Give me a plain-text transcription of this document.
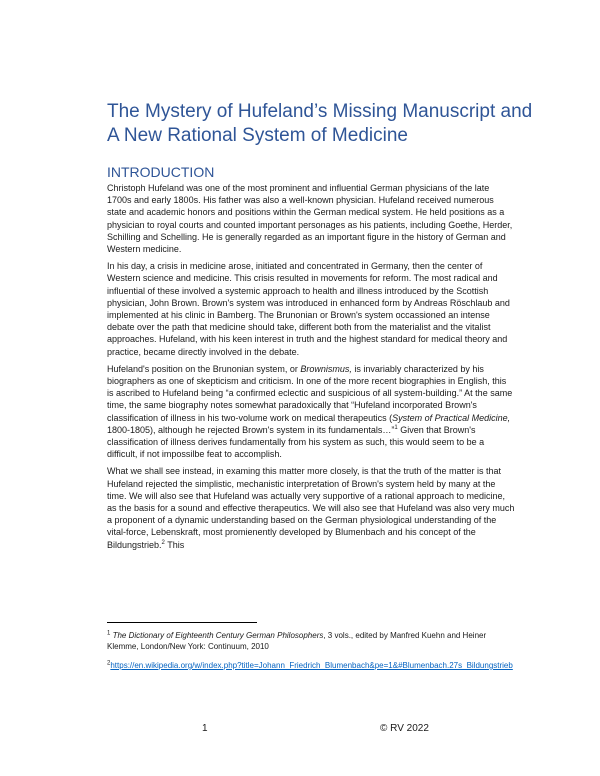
The Mystery of Hufeland’s Missing Manuscript and A New Rational System of Medicine
INTRODUCTION

Christoph Hufeland was one of the most prominent and influential German physicians of the late 1700s and early 1800s. His father was also a well-known physician. Hufeland received numerous state and academic honors and positions within the German medical system. He held positions as a physician to royal courts and counted important personages as his patients, including Goethe, Herder, Schilling and Schelling. He is generally regarded as an important figure in the history of German and Western medicine.

In his day, a crisis in medicine arose, initiated and concentrated in Germany, then the center of Western science and medicine. This crisis resulted in movements for reform. The most radical and influential of these involved a systemic approach to health and illness introduced by the Scottish physician, John Brown. Brown's system was introduced in enhanced form by Andreas Röschlaub and implemented at his clinic in Bamberg. The Brunonian or Brown's system occassioned an intense debate over the path that medicine should take, different both from the materialist and the vitalist approaches. Hufeland, with his keen interest in truth and the highest standard for medical theory and practice, became directly involved in the debate.

Hufeland's position on the Brunonian system, or Brownismus, is invariably characterized by his biographers as one of skepticism and criticism. In one of the more recent biographies in English, this is ascribed to Hufeland being “a confirmed eclectic and suspicious of all system-building.” At the same time, the same biography notes somewhat paradoxically that “Hufeland incorporated Brown's classification of illness in his two-volume work on medical therapeutics (System of Practical Medicine, 1800-1805), although he rejected Brown's system in its fundamentals…”$^1$ Given that Brown's classification of illness derives fundamentally from his system as such, this would seem to be a difficult, if not impossilbe feat to accomplish.

What we shall see instead, in examing this matter more closely, is that the truth of the matter is that Hufeland rejected the simplistic, mechanistic interpretation of Brown's system held by many at the time. We will also see that Hufeland was actually very supportive of a rational approach to medicine, as the basis for a sound and effective therapeutics. We will also see that Hufeland was also very much a proponent of a dynamic understanding based on the German physiological understanding of the vital-force, Lebenskraft, most promienently developed by Blumenbach and his concept of the Bildungstrieb.$^2$ This

$^1$ The Dictionary of Eighteenth Century German Philosophers, 3 vols., edited by Manfred Kuehn and Heiner Klemme, London/New York: Continuum, 2010

$^2$https://en.wikipedia.org/w/index.php?title=Johann_Friedrich_Blumenbach&pe=1&#Blumenbach.27s_Bildungstrieb

1	© RV 2022
